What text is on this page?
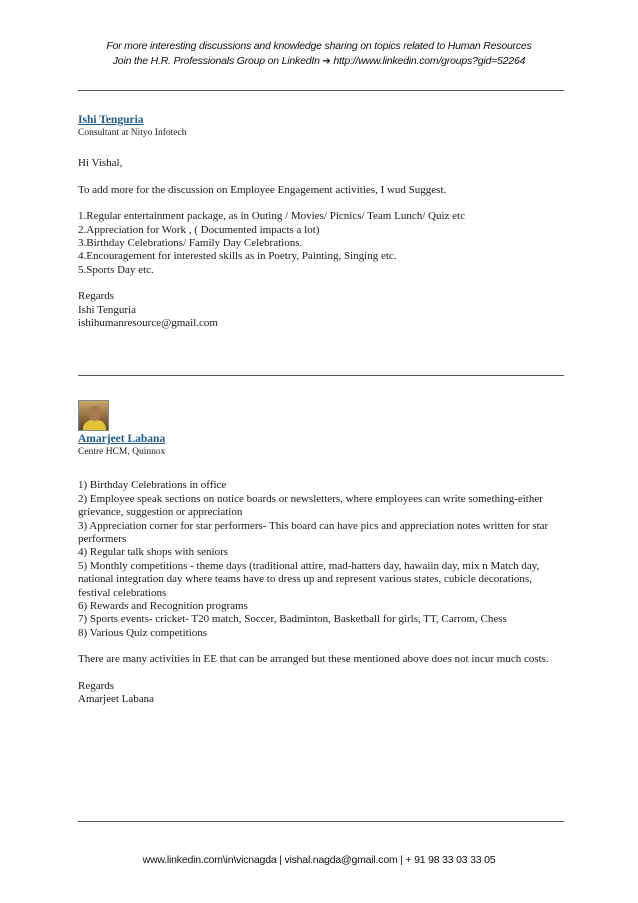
For more interesting discussions and knowledge sharing on topics related to Human Resources
Join the H.R. Professionals Group on LinkedIn ➔ http://www.linkedin.com/groups?gid=52264
Ishi Tenguria
Consultant at Nityo Infotech

Hi Vishal,

To add more for the discussion on Employee Engagement activities, I wud Suggest.

1.Regular entertainment package, as in Outing / Movies/ Picnics/ Team Lunch/ Quiz etc

2.Appreciation for Work , ( Documented impacts a lot)

3.Birthday Celebrations/ Family Day Celebrations.

4.Encouragement for interested skills as in Poetry, Painting, Singing etc.

5.Sports Day etc.

Regards

Ishi Tenguria

ishihumanresource@gmail.com

Amarjeet Labana
Centre HCM, Quinnox

1) Birthday Celebrations in office

2) Employee speak sections on notice boards or newsletters, where employees can write something-either grievance, suggestion or appreciation

3) Appreciation corner for star performers- This board can have pics and appreciation notes written for star performers

4) Regular talk shops with seniors

5) Monthly competitions - theme days (traditional attire, mad-hatters day, hawaiin day, mix n Match day, national integration day where teams have to dress up and represent various states, cubicle decorations, festival celebrations

6) Rewards and Recognition programs

7) Sports events- cricket- T20 match, Soccer, Badminton, Basketball for girls, TT, Carrom, Chess

8) Various Quiz competitions

There are many activities in EE that can be arranged but these mentioned above does not incur much costs.

Regards

Amarjeet Labana

www.linkedin.com\in\vicnagda | vishal.nagda@gmail.com | + 91 98 33 03 33 05
